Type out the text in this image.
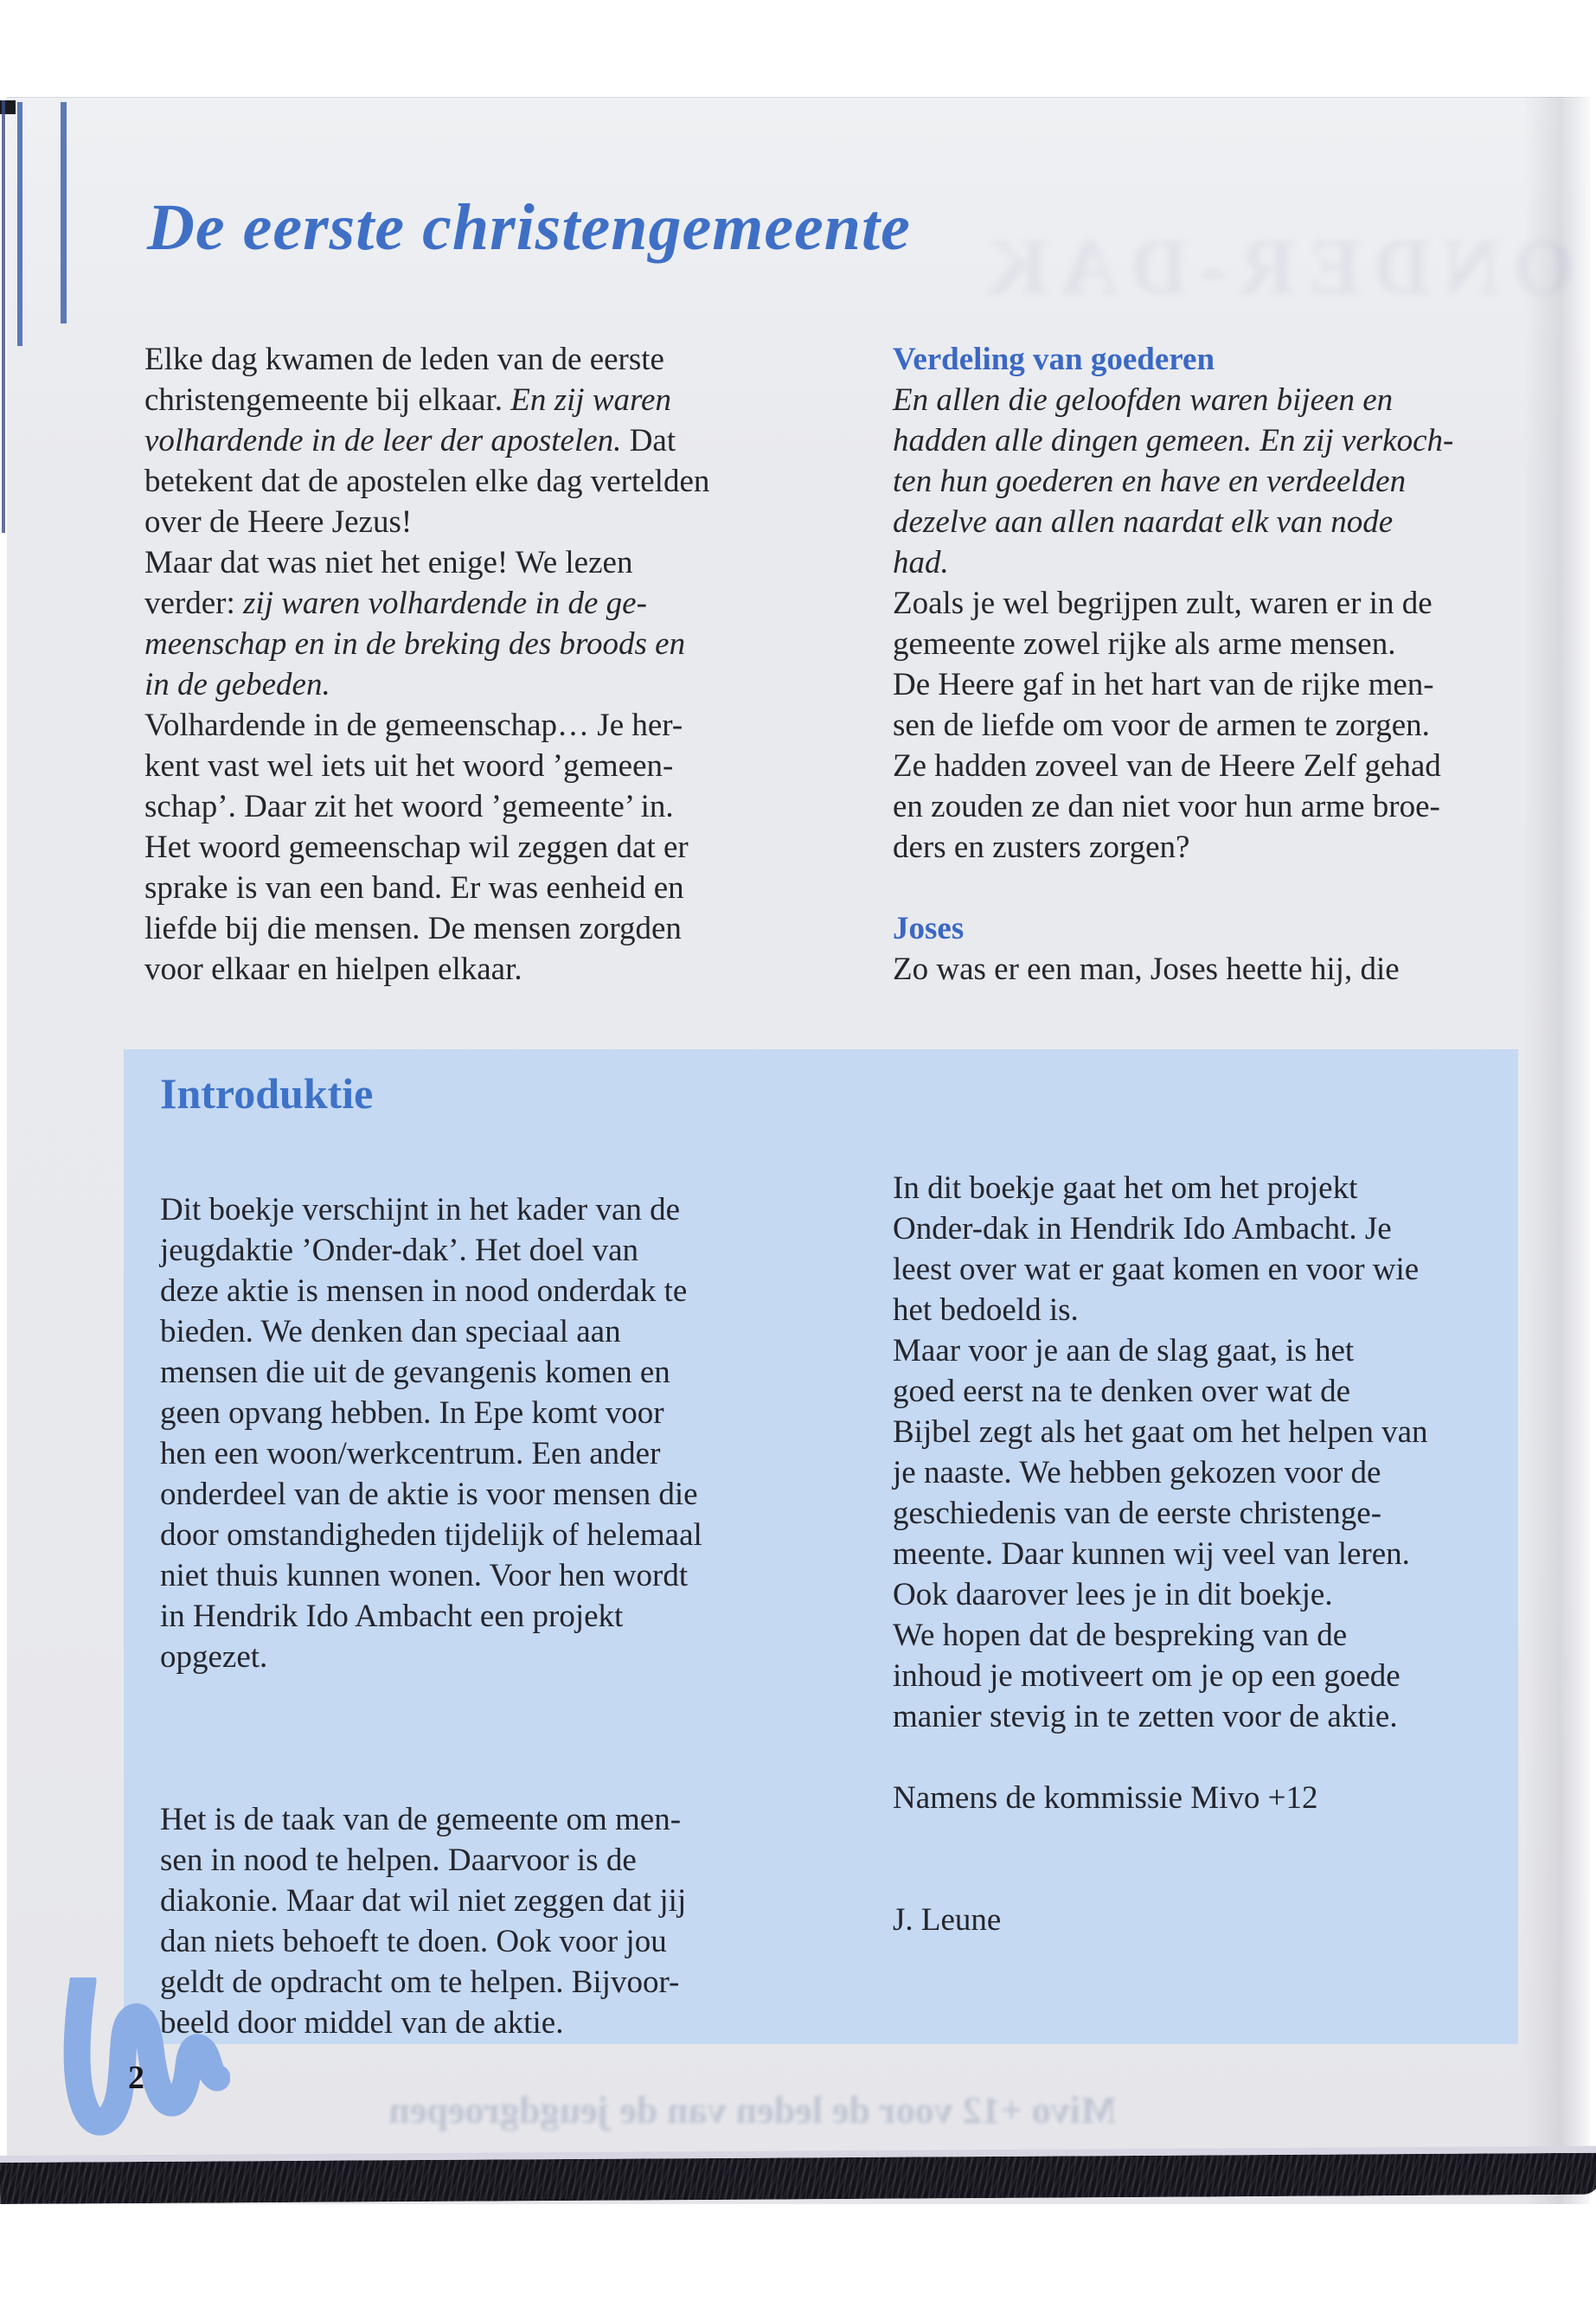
De eerste christengemeente
Elke dag kwamen de leden van de eerste
christengemeente bij elkaar. En zij waren
volhardende in de leer der apostelen. Dat
betekent dat de apostelen elke dag vertelden
over de Heere Jezus!
Maar dat was niet het enige! We lezen
verder: zij waren volhardende in de ge-
meenschap en in de breking des broods en
in de gebeden.
Volhardende in de gemeenschap… Je her-
kent vast wel iets uit het woord ’gemeen-
schap’. Daar zit het woord ’gemeente’ in.
Het woord gemeenschap wil zeggen dat er
sprake is van een band. Er was eenheid en
liefde bij die mensen. De mensen zorgden
voor elkaar en hielpen elkaar.
Verdeling van goederen
En allen die geloofden waren bijeen en
hadden alle dingen gemeen. En zij verkoch-
ten hun goederen en have en verdeelden
dezelve aan allen naardat elk van node
had.
Zoals je wel begrijpen zult, waren er in de
gemeente zowel rijke als arme mensen.
De Heere gaf in het hart van de rijke men-
sen de liefde om voor de armen te zorgen.
Ze hadden zoveel van de Heere Zelf gehad
en zouden ze dan niet voor hun arme broe-
ders en zusters zorgen?

Joses
Zo was er een man, Joses heette hij, die
Introduktie
Dit boekje verschijnt in het kader van de
jeugdaktie ’Onder-dak’. Het doel van
deze aktie is mensen in nood onderdak te
bieden. We denken dan speciaal aan
mensen die uit de gevangenis komen en
geen opvang hebben. In Epe komt voor
hen een woon/werkcentrum. Een ander
onderdeel van de aktie is voor mensen die
door omstandigheden tijdelijk of helemaal
niet thuis kunnen wonen. Voor hen wordt
in Hendrik Ido Ambacht een projekt
opgezet.

Het is de taak van de gemeente om men-
sen in nood te helpen. Daarvoor is de
diakonie. Maar dat wil niet zeggen dat jij
dan niets behoeft te doen. Ook voor jou
geldt de opdracht om te helpen. Bijvoor-
beeld door middel van de aktie.
In dit boekje gaat het om het projekt
Onder-dak in Hendrik Ido Ambacht. Je
leest over wat er gaat komen en voor wie
het bedoeld is.
Maar voor je aan de slag gaat, is het
goed eerst na te denken over wat de
Bijbel zegt als het gaat om het helpen van
je naaste. We hebben gekozen voor de
geschiedenis van de eerste christenge-
meente. Daar kunnen wij veel van leren.
Ook daarover lees je in dit boekje.
We hopen dat de bespreking van de
inhoud je motiveert om je op een goede
manier stevig in te zetten voor de aktie.

Namens de kommissie Mivo +12

J. Leune
Mivo +12 voor de leden van de jeugdgroepen
2
